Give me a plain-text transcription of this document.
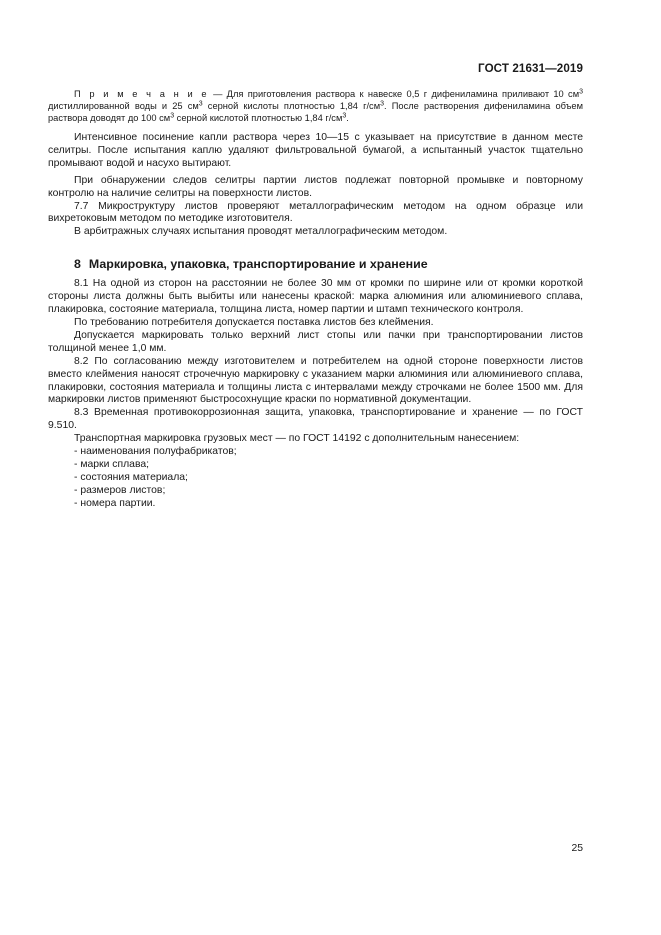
ГОСТ 21631—2019

П р и м е ч а н и е — Для приготовления раствора к навеске 0,5 г дифениламина приливают 10 $см^3$ дистиллированной воды и 25 $см^3$ серной кислоты плотностью 1,84 $г/см^3$. После растворения дифениламина объем раствора доводят до 100 $см^3$ серной кислотой плотностью 1,84 $г/см^3$.

Интенсивное посинение капли раствора через 10—15 с указывает на присутствие в данном месте селитры. После испытания каплю удаляют фильтровальной бумагой, а испытанный участок тщательно промывают водой и насухо вытирают.

При обнаружении следов селитры партии листов подлежат повторной промывке и повторному контролю на наличие селитры на поверхности листов.

7.7 Микроструктуру листов проверяют металлографическим методом на одном образце или вихретоковым методом по методике изготовителя.

В арбитражных случаях испытания проводят металлографическим методом.

8 Маркировка, упаковка, транспортирование и хранение

8.1 На одной из сторон на расстоянии не более 30 мм от кромки по ширине или от кромки короткой стороны листа должны быть выбиты или нанесены краской: марка алюминия или алюминиевого сплава, плакировка, состояние материала, толщина листа, номер партии и штамп технического контроля.

По требованию потребителя допускается поставка листов без клеймения.

Допускается маркировать только верхний лист стопы или пачки при транспортировании листов толщиной менее 1,0 мм.

8.2 По согласованию между изготовителем и потребителем на одной стороне поверхности листов вместо клеймения наносят строчечную маркировку с указанием марки алюминия или алюминиевого сплава, плакировки, состояния материала и толщины листа с интервалами между строчками не более 1500 мм. Для маркировки листов применяют быстросохнущие краски по нормативной документации.

8.3 Временная противокоррозионная защита, упаковка, транспортирование и хранение — по ГОСТ 9.510.

Транспортная маркировка грузовых мест — по ГОСТ 14192 с дополнительным нанесением:

- наименования полуфабрикатов;
- марки сплава;
- состояния материала;
- размеров листов;
- номера партии.
25
